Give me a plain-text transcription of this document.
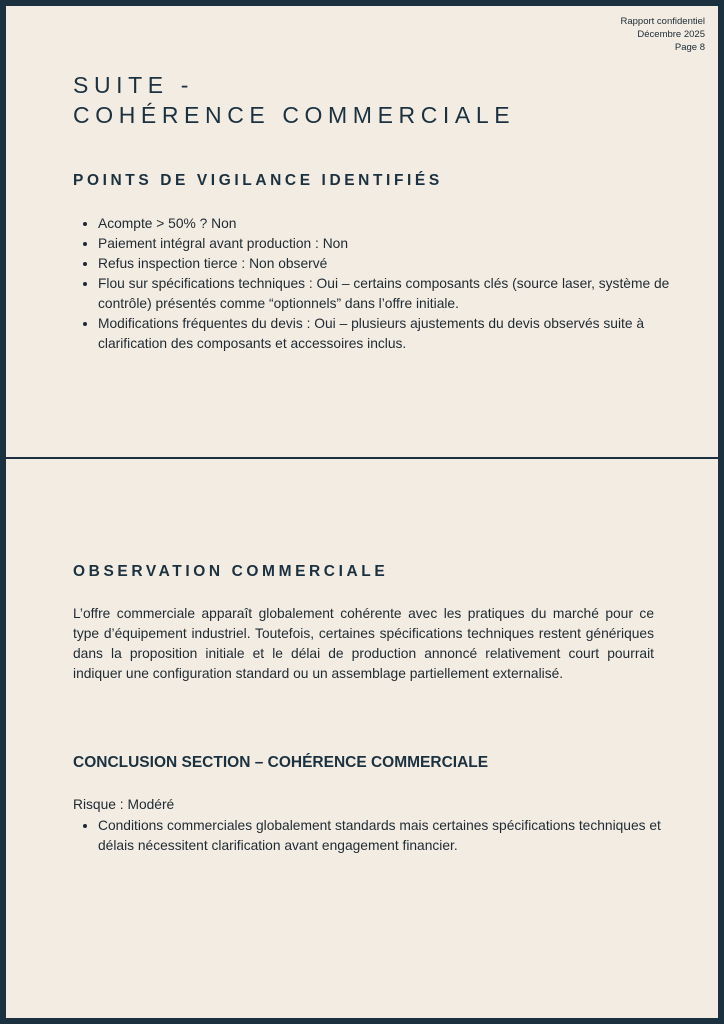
Rapport confidentiel
Décembre 2025
Page 8
SUITE -
COHÉRENCE COMMERCIALE
POINTS DE VIGILANCE IDENTIFIÉS
• Acompte > 50% ? Non
• Paiement intégral avant production : Non
• Refus inspection tierce : Non observé
• Flou sur spécifications techniques : Oui – certains composants clés (source laser, système de contrôle) présentés comme “optionnels” dans l’offre initiale.
• Modifications fréquentes du devis : Oui – plusieurs ajustements du devis observés suite à clarification des composants et accessoires inclus.
OBSERVATION COMMERCIALE

L’offre commerciale apparaît globalement cohérente avec les pratiques du marché pour ce type d’équipement industriel. Toutefois, certaines spécifications techniques restent génériques dans la proposition initiale et le délai de production annoncé relativement court pourrait indiquer une configuration standard ou un assemblage partiellement externalisé.

CONCLUSION SECTION – COHÉRENCE COMMERCIALE

Risque : Modéré

• Conditions commerciales globalement standards mais certaines spécifications techniques et délais nécessitent clarification avant engagement financier.
